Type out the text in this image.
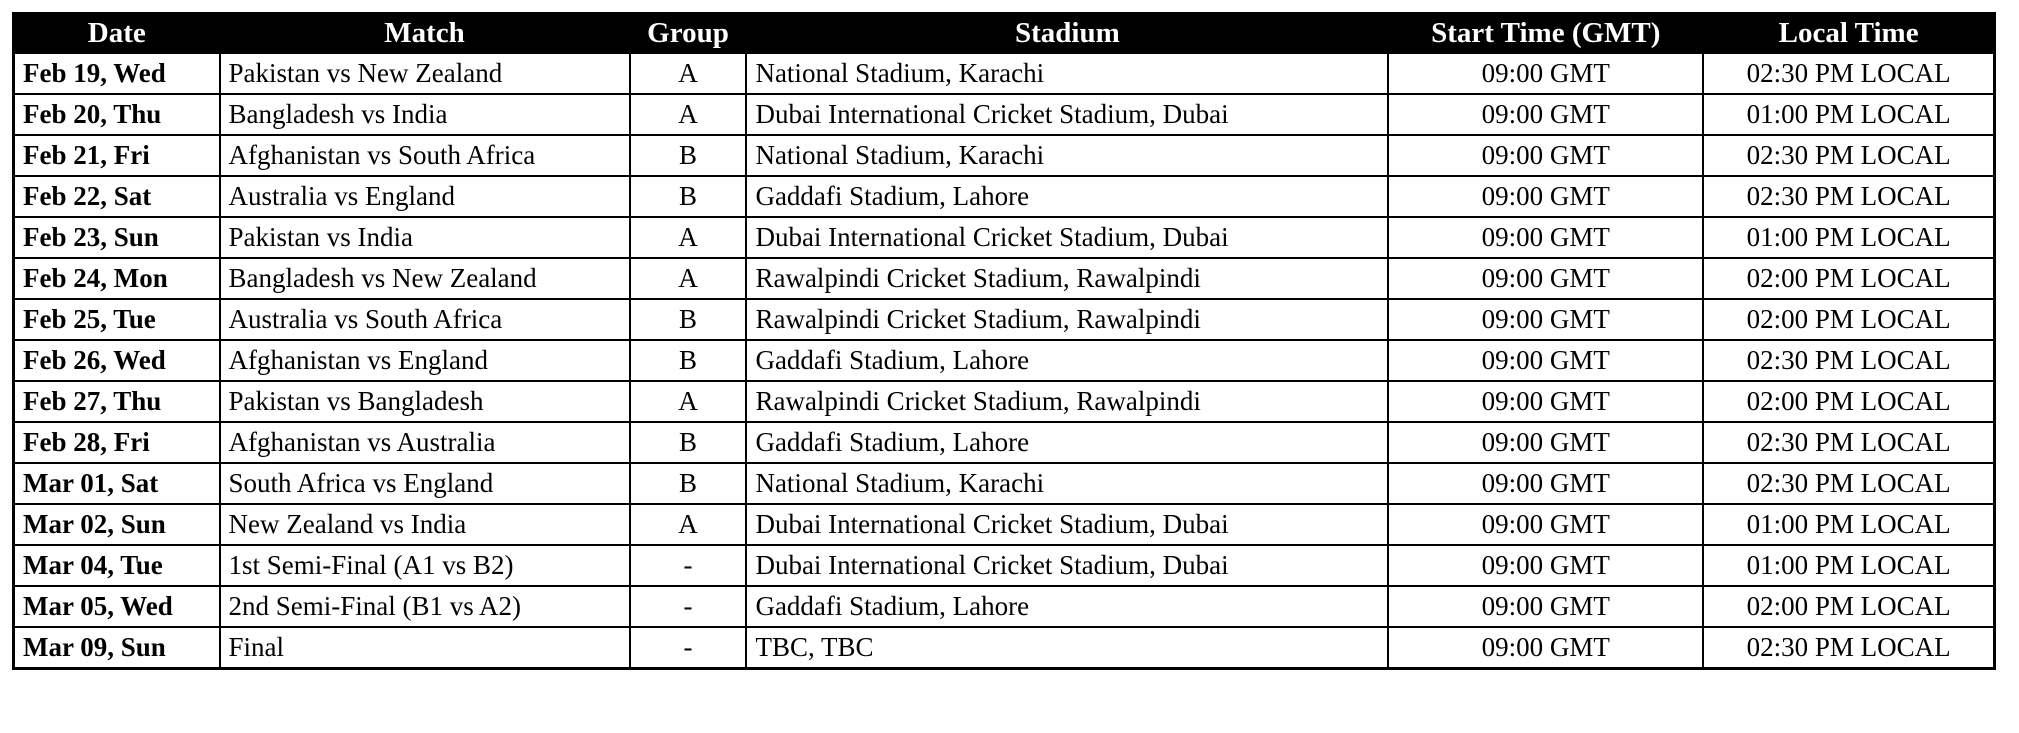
Date	Match	Group	Stadium	Start Time (GMT)	Local Time
Feb 19, Wed	Pakistan vs New Zealand	A	National Stadium, Karachi	09:00 GMT	02:30 PM LOCAL
Feb 20, Thu	Bangladesh vs India	A	Dubai International Cricket Stadium, Dubai	09:00 GMT	01:00 PM LOCAL
Feb 21, Fri	Afghanistan vs South Africa	B	National Stadium, Karachi	09:00 GMT	02:30 PM LOCAL
Feb 22, Sat	Australia vs England	B	Gaddafi Stadium, Lahore	09:00 GMT	02:30 PM LOCAL
Feb 23, Sun	Pakistan vs India	A	Dubai International Cricket Stadium, Dubai	09:00 GMT	01:00 PM LOCAL
Feb 24, Mon	Bangladesh vs New Zealand	A	Rawalpindi Cricket Stadium, Rawalpindi	09:00 GMT	02:00 PM LOCAL
Feb 25, Tue	Australia vs South Africa	B	Rawalpindi Cricket Stadium, Rawalpindi	09:00 GMT	02:00 PM LOCAL
Feb 26, Wed	Afghanistan vs England	B	Gaddafi Stadium, Lahore	09:00 GMT	02:30 PM LOCAL
Feb 27, Thu	Pakistan vs Bangladesh	A	Rawalpindi Cricket Stadium, Rawalpindi	09:00 GMT	02:00 PM LOCAL
Feb 28, Fri	Afghanistan vs Australia	B	Gaddafi Stadium, Lahore	09:00 GMT	02:30 PM LOCAL
Mar 01, Sat	South Africa vs England	B	National Stadium, Karachi	09:00 GMT	02:30 PM LOCAL
Mar 02, Sun	New Zealand vs India	A	Dubai International Cricket Stadium, Dubai	09:00 GMT	01:00 PM LOCAL
Mar 04, Tue	1st Semi-Final (A1 vs B2)	-	Dubai International Cricket Stadium, Dubai	09:00 GMT	01:00 PM LOCAL
Mar 05, Wed	2nd Semi-Final (B1 vs A2)	-	Gaddafi Stadium, Lahore	09:00 GMT	02:00 PM LOCAL
Mar 09, Sun	Final	-	TBC, TBC	09:00 GMT	02:30 PM LOCAL
